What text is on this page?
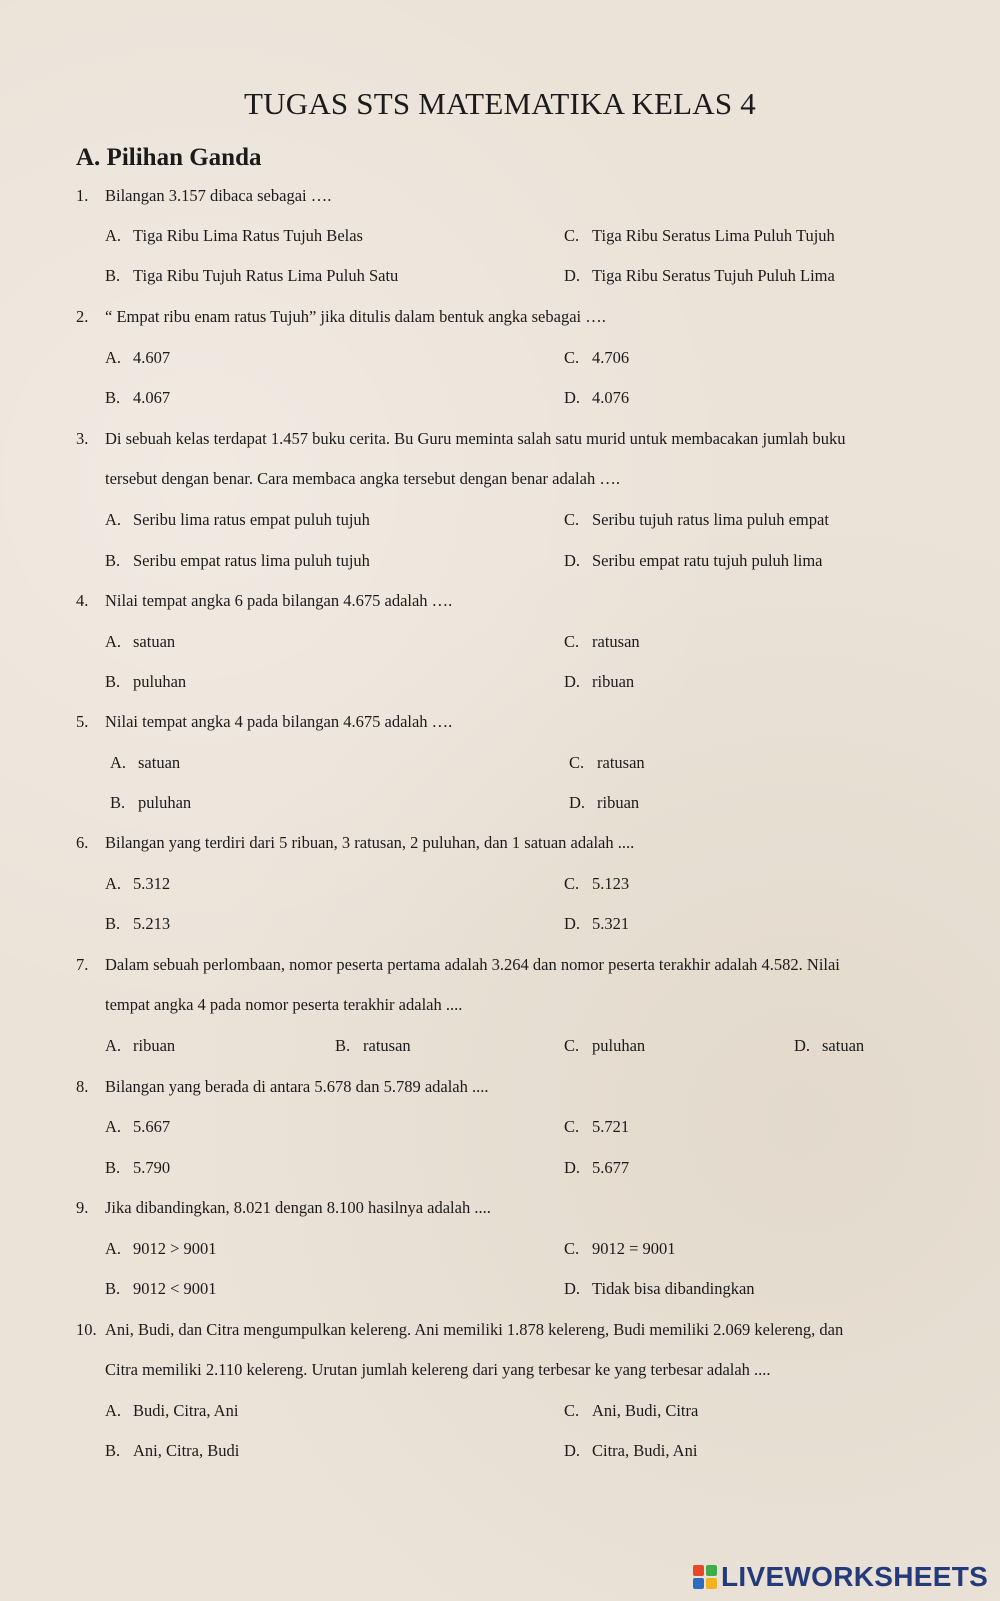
TUGAS STS MATEMATIKA KELAS 4
A. Pilihan Ganda
1. Bilangan 3.157 dibaca sebagai ….
A. Tiga Ribu Lima Ratus Tujuh Belas
B. Tiga Ribu Tujuh Ratus Lima Puluh Satu
C. Tiga Ribu Seratus Lima Puluh Tujuh
D. Tiga Ribu Seratus Tujuh Puluh Lima
2. “ Empat ribu enam ratus Tujuh” jika ditulis dalam bentuk angka sebagai ….
A. 4.607
B. 4.067
C. 4.706
D. 4.076
3. Di sebuah kelas terdapat 1.457 buku cerita. Bu Guru meminta salah satu murid untuk membacakan jumlah buku
tersebut dengan benar. Cara membaca angka tersebut dengan benar adalah ….
A. Seribu lima ratus empat puluh tujuh
B. Seribu empat ratus lima puluh tujuh
C. Seribu tujuh ratus lima puluh empat
D. Seribu empat ratu tujuh puluh lima
4. Nilai tempat angka 6 pada bilangan 4.675 adalah ….
A. satuan
B. puluhan
C. ratusan
D. ribuan
5. Nilai tempat angka 4 pada bilangan 4.675 adalah ….
A. satuan
B. puluhan
C. ratusan
D. ribuan
6. Bilangan yang terdiri dari 5 ribuan, 3 ratusan, 2 puluhan, dan 1 satuan adalah ....
A. 5.312
B. 5.213
C. 5.123
D. 5.321
7. Dalam sebuah perlombaan, nomor peserta pertama adalah 3.264 dan nomor peserta terakhir adalah 4.582. Nilai
tempat angka 4 pada nomor peserta terakhir adalah ....
A. ribuan	B. ratusan	C. puluhan	D. satuan
8. Bilangan yang berada di antara 5.678 dan 5.789 adalah ....
A. 5.667
B. 5.790
C. 5.721
D. 5.677
9. Jika dibandingkan, 8.021 dengan 8.100 hasilnya adalah ....
A. 9012 > 9001
B. 9012 < 9001
C. 9012 = 9001
D. Tidak bisa dibandingkan
10. Ani, Budi, dan Citra mengumpulkan kelereng. Ani memiliki 1.878 kelereng, Budi memiliki 2.069 kelereng, dan
Citra memiliki 2.110 kelereng. Urutan jumlah kelereng dari yang terbesar ke yang terbesar adalah ....
A. Budi, Citra, Ani
B. Ani, Citra, Budi
C. Ani, Budi, Citra
D. Citra, Budi, Ani
LIVEWORKSHEETS
